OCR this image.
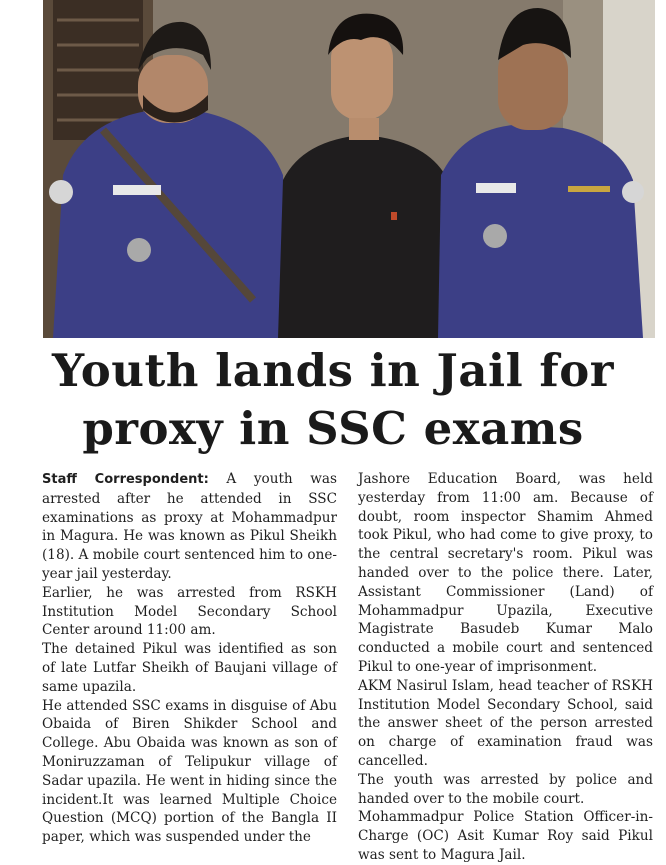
Youth lands in Jail for
proxy in SSC exams

Staff Correspondent: A youth was arrested after he attended in SSC examinations as proxy at Mohammadpur in Magura. He was known as Pikul Sheikh (18). A mobile court sentenced him to one-year jail yesterday.

Earlier, he was arrested from RSKH Institution Model Secondary School Center around 11:00 am.

The detained Pikul was identified as son of late Lutfar Sheikh of Baujani village of same upazila.

He attended SSC exams in disguise of Abu Obaida of Biren Shikder School and College. Abu Obaida was known as son of Moniruzzaman of Telipukur village of Sadar upazila. He went in hiding since the incident.It was learned Multiple Choice Question (MCQ) portion of the Bangla II paper, which was suspended under the

Jashore Education Board, was held yesterday from 11:00 am. Because of doubt, room inspector Shamim Ahmed took Pikul, who had come to give proxy, to the central secretary's room. Pikul was handed over to the police there. Later, Assistant Commissioner (Land) of Mohammadpur Upazila, Executive Magistrate Basudeb Kumar Malo conducted a mobile court and sentenced Pikul to one-year of imprisonment.

AKM Nasirul Islam, head teacher of RSKH Institution Model Secondary School, said the answer sheet of the person arrested on charge of examination fraud was cancelled.

The youth was arrested by police and handed over to the mobile court.

Mohammadpur Police Station Officer-in-Charge (OC) Asit Kumar Roy said Pikul was sent to Magura Jail.
